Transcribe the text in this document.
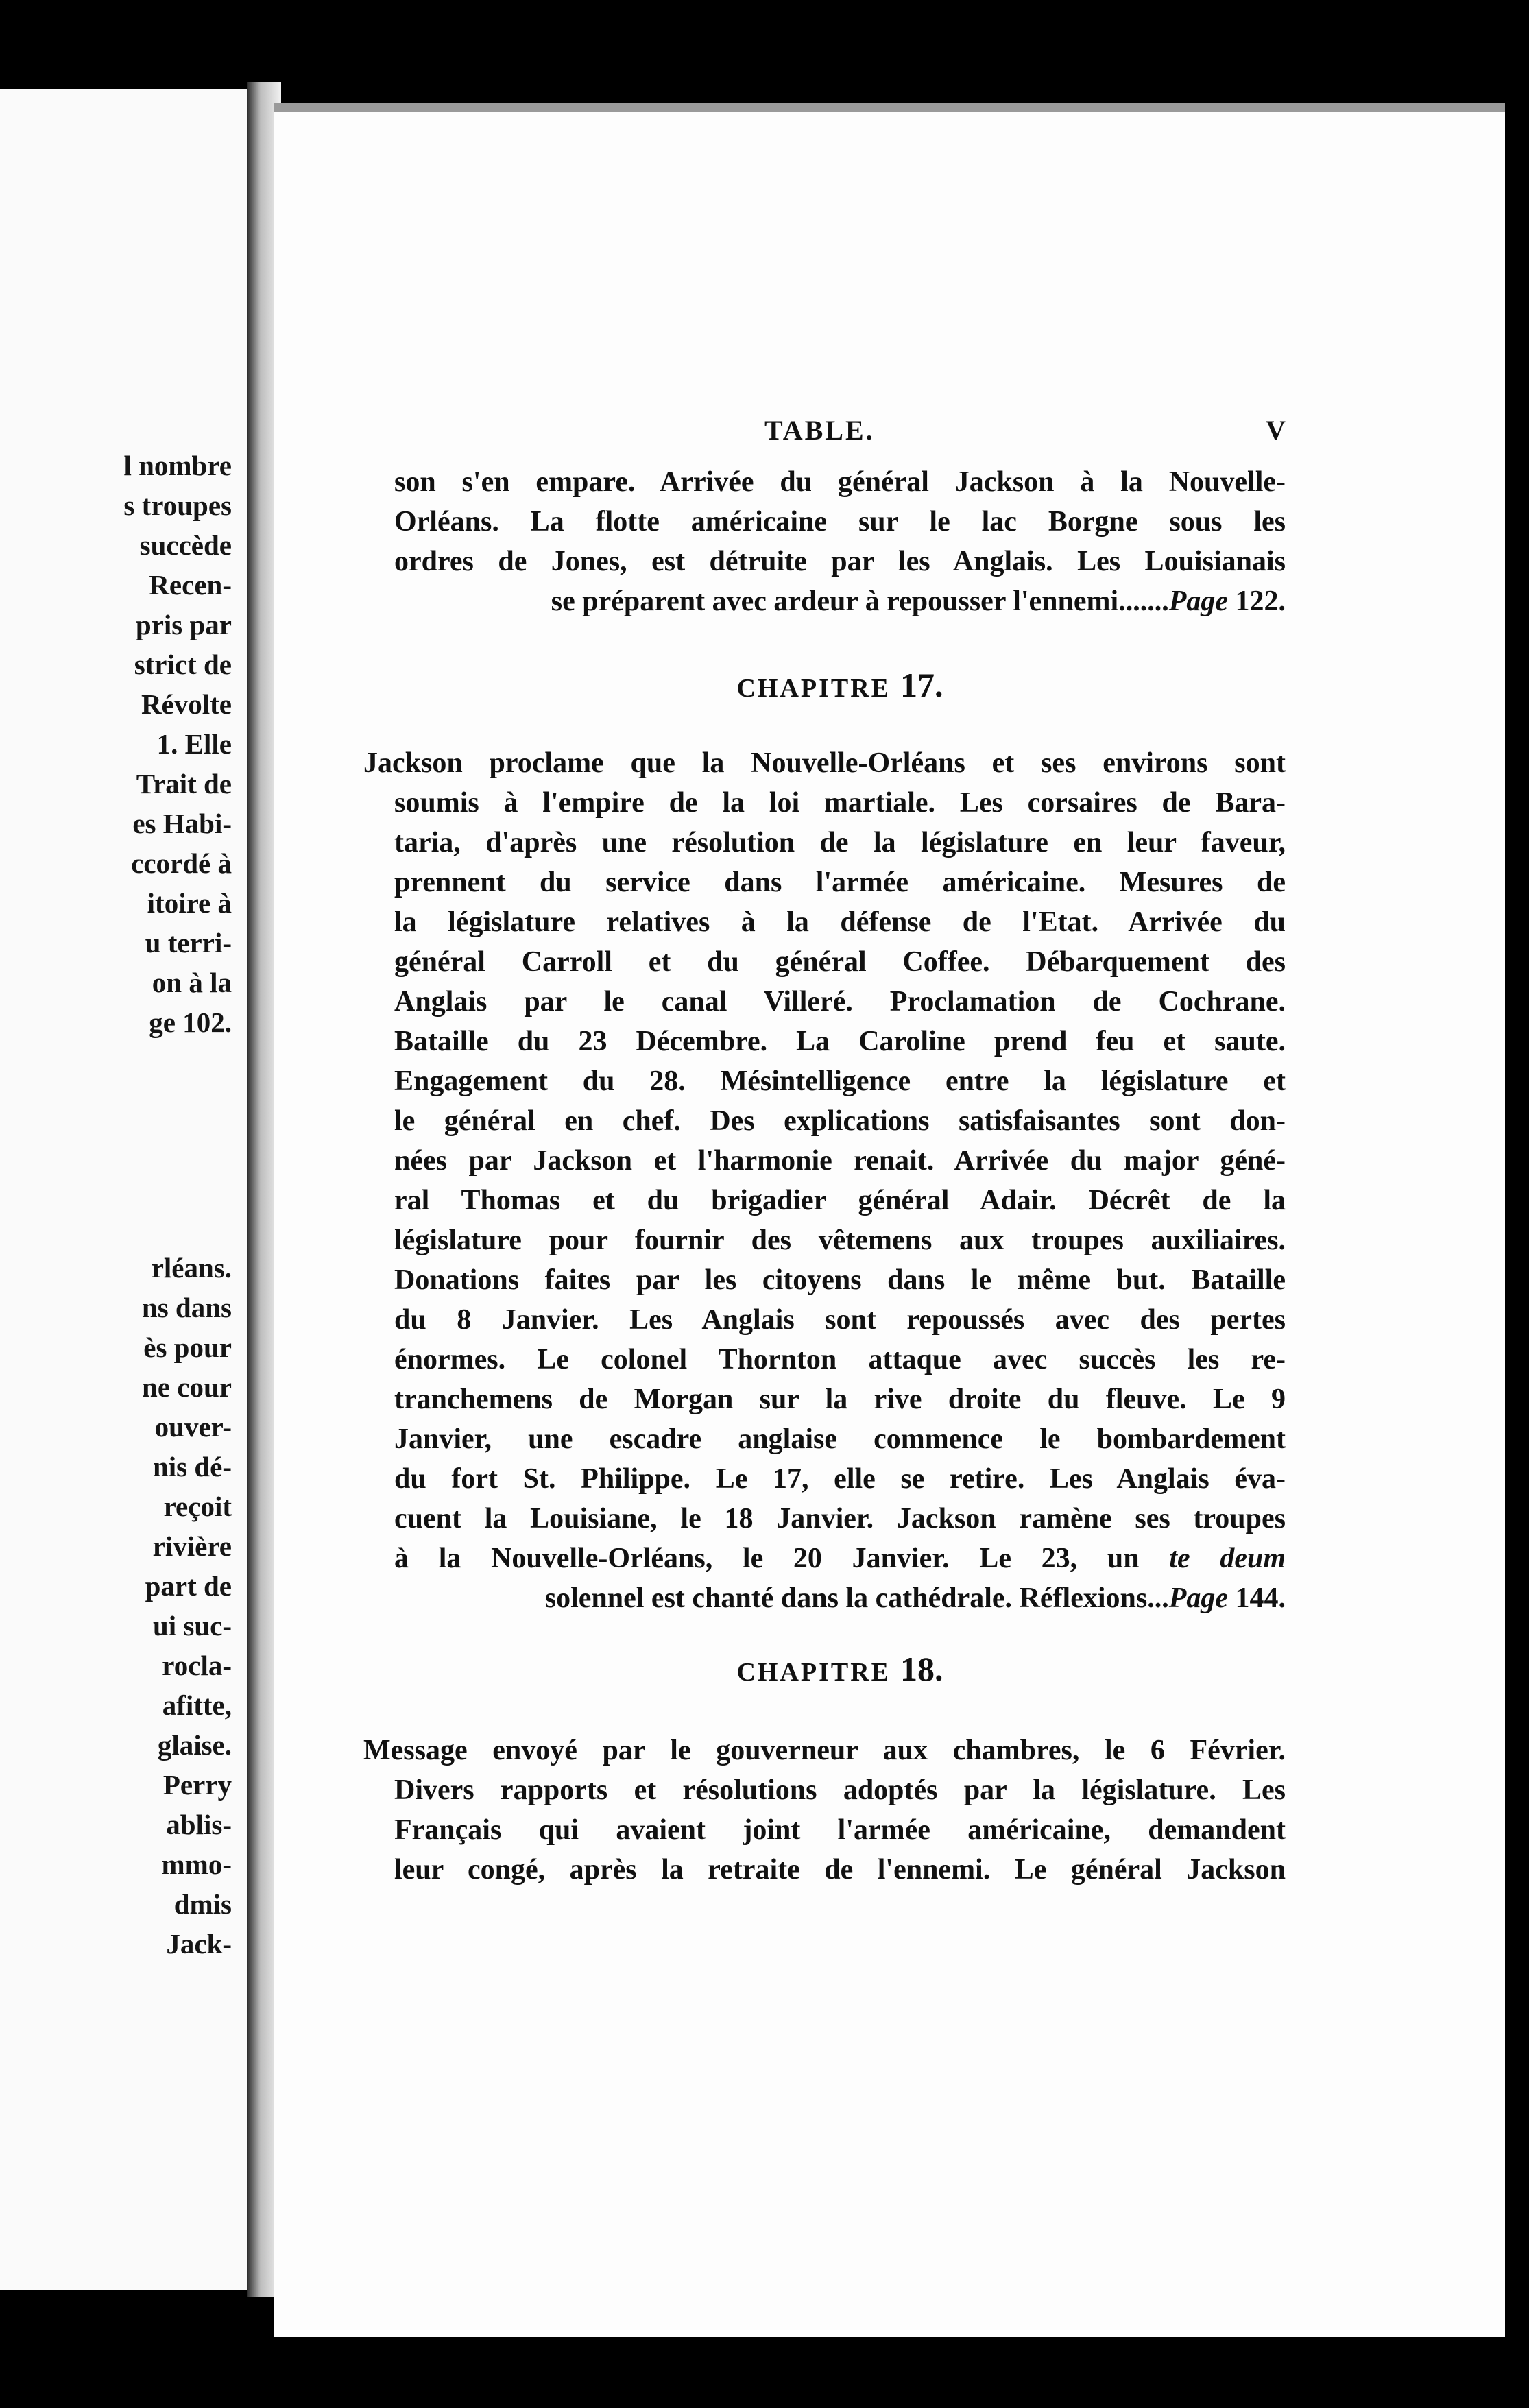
l nombre
s troupes
succède
Recen-
pris par
strict de
Révolte
1. Elle
Trait de
es Habi-
ccordé à
itoire à
u terri-
on à la
ge 102.
rléans.
ns dans
ès pour
ne cour
ouver-
nis dé-
reçoit
rivière
part de
ui suc-
rocla-
afitte,
glaise.
Perry
ablis-
mmo-
dmis
Jack-
TABLE.	V
son s'en empare. Arrivée du général Jackson à la Nouvelle-
Orléans. La flotte américaine sur le lac Borgne sous les
ordres de Jones, est détruite par les Anglais. Les Louisianais
se préparent avec ardeur à repousser l'ennemi.......Page 122.
CHAPITRE 17.
Jackson proclame que la Nouvelle-Orléans et ses environs sont
soumis à l'empire de la loi martiale. Les corsaires de Bara-
taria, d'après une résolution de la législature en leur faveur,
prennent du service dans l'armée américaine. Mesures de
la législature relatives à la défense de l'Etat. Arrivée du
général Carroll et du général Coffee. Débarquement des
Anglais par le canal Villeré. Proclamation de Cochrane.
Bataille du 23 Décembre. La Caroline prend feu et saute.
Engagement du 28. Mésintelligence entre la législature et
le général en chef. Des explications satisfaisantes sont don-
nées par Jackson et l'harmonie renait. Arrivée du major géné-
ral Thomas et du brigadier général Adair. Décrêt de la
législature pour fournir des vêtemens aux troupes auxiliaires.
Donations faites par les citoyens dans le même but. Bataille
du 8 Janvier. Les Anglais sont repoussés avec des pertes
énormes. Le colonel Thornton attaque avec succès les re-
tranchemens de Morgan sur la rive droite du fleuve. Le 9
Janvier, une escadre anglaise commence le bombardement
du fort St. Philippe. Le 17, elle se retire. Les Anglais éva-
cuent la Louisiane, le 18 Janvier. Jackson ramène ses troupes
à la Nouvelle-Orléans, le 20 Janvier. Le 23, un te deum
solennel est chanté dans la cathédrale. Réflexions...Page 144.
CHAPITRE 18.
Message envoyé par le gouverneur aux chambres, le 6 Février.
Divers rapports et résolutions adoptés par la législature. Les
Français qui avaient joint l'armée américaine, demandent
leur congé, après la retraite de l'ennemi. Le général Jackson
